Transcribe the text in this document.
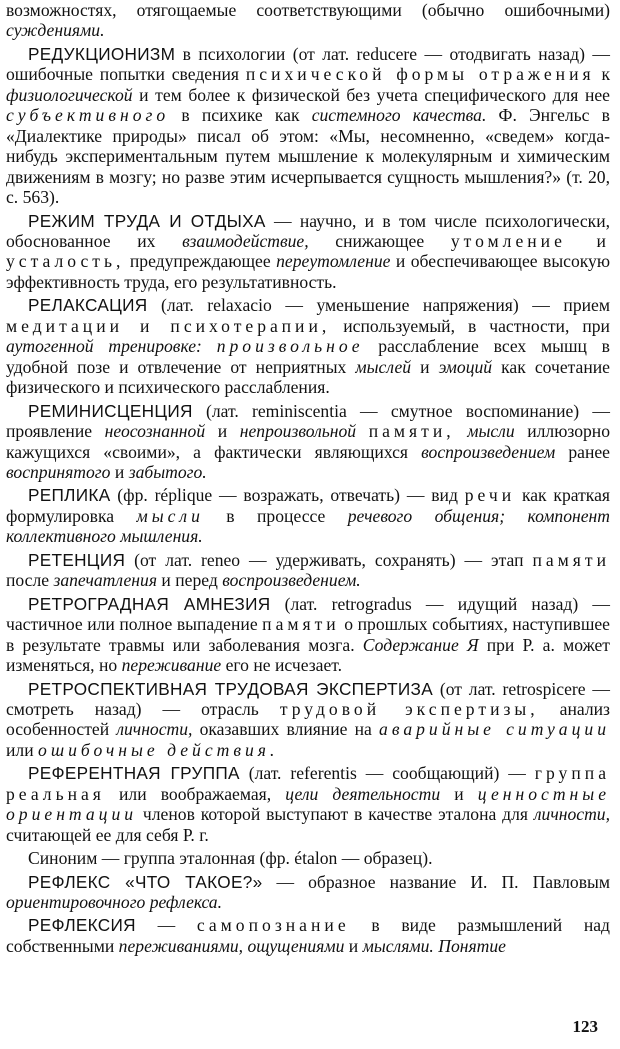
возможностях, отягощаемые соответствующими (обычно ошибочными) суждениями.

РЕДУКЦИОНИЗМ в психологии (от лат. reducere — отодвигать назад) — ошибочные попытки сведения психической формы отражения к физиологической и тем более к физической без учета специфического для нее субъективного в психике как системного качества. Ф. Энгельс в «Диалектике природы» писал об этом: «Мы, несомненно, «сведем» когда-нибудь экспериментальным путем мышление к молекулярным и химическим движениям в мозгу; но разве этим исчерпывается сущность мышления?» (т. 20, с. 563).

РЕЖИМ ТРУДА И ОТДЫХА — научно, и в том числе психологически, обоснованное их взаимодействие, снижающее утомление и усталость, предупреждающее переутомление и обеспечивающее высокую эффективность труда, его результативность.

РЕЛАКСАЦИЯ (лат. relaxacio — уменьшение напряжения) — прием медитации и психотерапии, используемый, в частности, при аутогенной тренировке: произвольное расслабление всех мышц в удобной позе и отвлечение от неприятных мыслей и эмоций как сочетание физического и психического расслабления.

РЕМИНИСЦЕНЦИЯ (лат. reminiscentia — смутное воспоминание) — проявление неосознанной и непроизвольной памяти, мысли иллюзорно кажущихся «своими», а фактически являющихся воспроизведением ранее воспринятого и забытого.

РЕПЛИКА (фр. réplique — возражать, отвечать) — вид речи как краткая формулировка мысли в процессе речевого общения; компонент коллективного мышления.

РЕТЕНЦИЯ (от лат. reneo — удерживать, сохранять) — этап памяти после запечатления и перед воспроизведением.

РЕТРОГРАДНАЯ АМНЕЗИЯ (лат. retrogradus — идущий назад) — частичное или полное выпадение памяти о прошлых событиях, наступившее в результате травмы или заболевания мозга. Содержание Я при Р. а. может изменяться, но переживание его не исчезает.

РЕТРОСПЕКТИВНАЯ ТРУДОВАЯ ЭКСПЕРТИЗА (от лат. retrospicere — смотреть назад) — отрасль трудовой экспертизы, анализ особенностей личности, оказавших влияние на аварийные ситуации или ошибочные действия.

РЕФЕРЕНТНАЯ ГРУППА (лат. referentis — сообщающий) — группа реальная или воображаемая, цели деятельности и ценностные ориентации членов которой выступают в качестве эталона для личности, считающей ее для себя Р. г.

Синоним — группа эталонная (фр. étalon — образец).

РЕФЛЕКС «ЧТО ТАКОЕ?» — образное название И. П. Павловым ориентировочного рефлекса.

РЕФЛЕКСИЯ — самопознание в виде размышлений над собственными переживаниями, ощущениями и мыслями. Понятие

123
